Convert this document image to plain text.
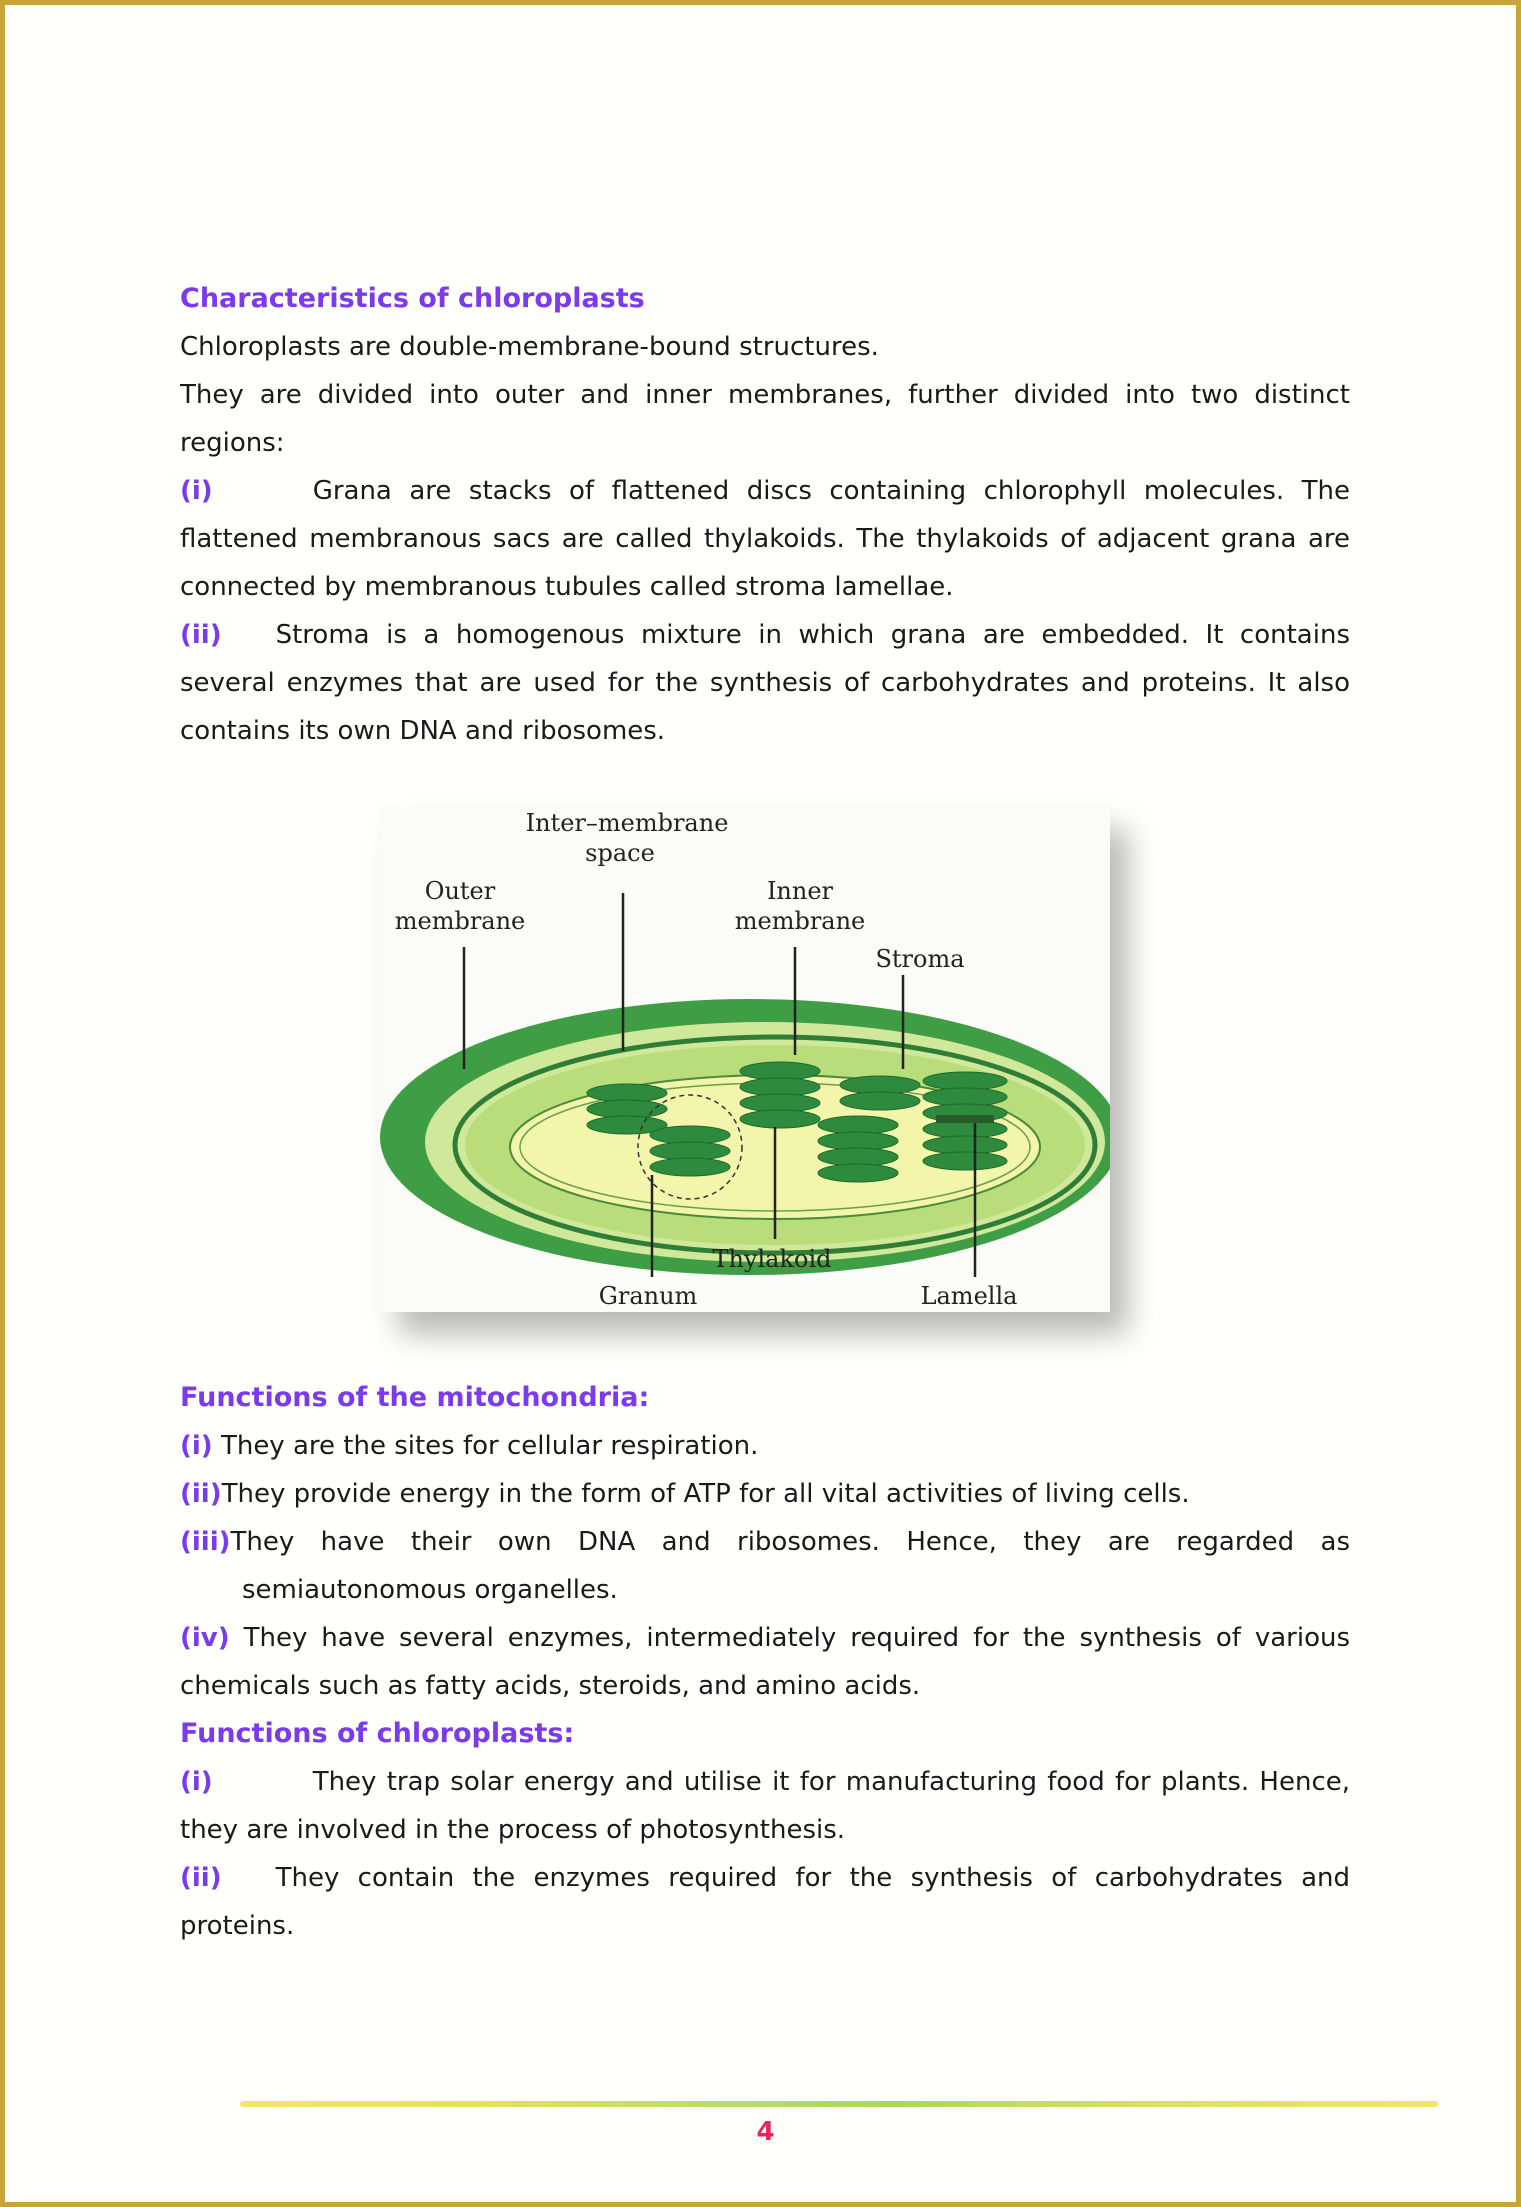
Characteristics of chloroplasts

Chloroplasts are double-membrane-bound structures.

They are divided into outer and inner membranes, further divided into two distinct regions:

(i)	Grana are stacks of flattened discs containing chlorophyll molecules. The flattened membranous sacs are called thylakoids. The thylakoids of adjacent grana are connected by membranous tubules called stroma lamellae.

(ii) Stroma is a homogenous mixture in which grana are embedded. It contains several enzymes that are used for the synthesis of carbohydrates and proteins. It also contains its own DNA and ribosomes.

Inter–membrane
space
Outer
membrane
Inner
membrane
Stroma
Thylakoid
Granum	Lamella
Functions of the mitochondria:

(i) They are the sites for cellular respiration.

(ii)They provide energy in the form of ATP for all vital activities of living cells.

(iii)They have their own DNA and ribosomes. Hence, they are regarded as semiautonomous organelles.

(iv) They have several enzymes, intermediately required for the synthesis of various chemicals such as fatty acids, steroids, and amino acids.

Functions of chloroplasts:

(i)	They trap solar energy and utilise it for manufacturing food for plants. Hence, they are involved in the process of photosynthesis.

(ii) They contain the enzymes required for the synthesis of carbohydrates and proteins.

4
